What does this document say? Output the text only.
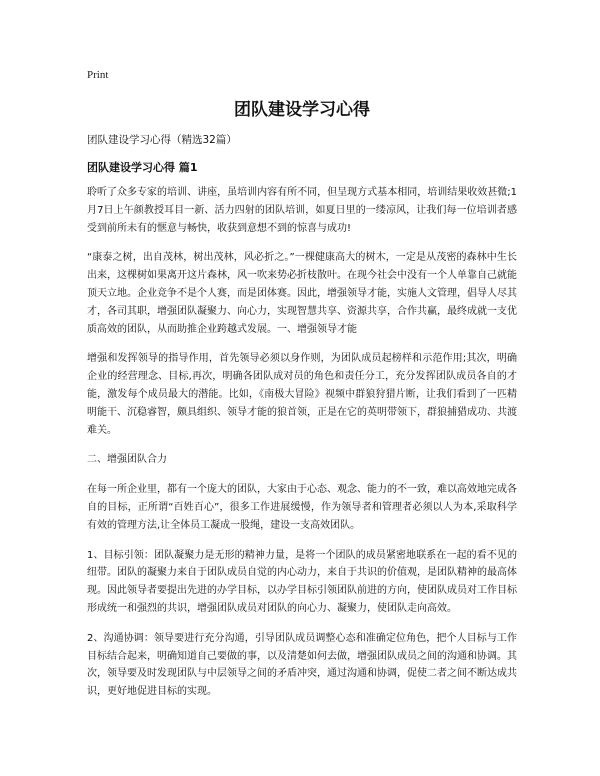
Print
团队建设学习心得

团队建设学习心得（精选32篇）

团队建设学习心得 篇1

聆听了众多专家的培训、讲座，虽培训内容有所不同，但呈现方式基本相同，培训结果收效甚微;1月7日上午颜教授耳目一新、活力四射的团队培训，如夏日里的一缕凉风，让我们每一位培训者感受到前所未有的惬意与畅快，收获到意想不到的惊喜与成功!

“康泰之树，出自茂林，树出茂林，风必折之。”一棵健康高大的树木，一定是从茂密的森林中生长出来，这棵树如果离开这片森林，风一吹来势必折枝散叶。在现今社会中没有一个人单靠自己就能顶天立地。企业竞争不是个人赛，而是团体赛。因此，增强领导才能，实施人文管理，倡导人尽其才，各司其职，增强团队凝聚力、向心力，实现智慧共享、资源共享，合作共赢，最终成就一支优质高效的团队，从而助推企业跨越式发展。一、增强领导才能

增强和发挥领导的指导作用，首先领导必须以身作则，为团队成员起榜样和示范作用;其次，明确企业的经营理念、目标,再次，明确各团队成对员的角色和责任分工，充分发挥团队成员各自的才能，激发每个成员最大的潜能。比如，《南极大冒险》视频中群狼狩猎片断，让我们看到了一匹精明能干、沉稳睿智，颇具组织、领导才能的狼首领，正是在它的英明带领下，群狼捕猎成功、共渡难关。

二、增强团队合力

在每一所企业里，都有一个庞大的团队，大家由于心态、观念、能力的不一致，难以高效地完成各自的目标，正所谓“百姓百心”，很多工作进展缓慢，作为领导者和管理者必须以人为本,采取科学有效的管理方法,让全体员工凝成一股绳，建设一支高效团队。

1、目标引领：团队凝聚力是无形的精神力量，是将一个团队的成员紧密地联系在一起的看不见的纽带。团队的凝聚力来自于团队成员自觉的内心动力，来自于共识的价值观，是团队精神的最高体现。因此领导者要提出先进的办学目标，以办学目标引领团队前进的方向，使团队成员对工作目标形成统一和强烈的共识，增强团队成员对团队的向心力、凝聚力，使团队走向高效。

2、沟通协调：领导要进行充分沟通，引导团队成员调整心态和准确定位角色，把个人目标与工作目标结合起来，明确知道自己要做的事，以及清楚如何去做，增强团队成员之间的沟通和协调。其次，领导要及时发现团队与中层领导之间的矛盾冲突，通过沟通和协调，促使二者之间不断达成共识，更好地促进目标的实现。
